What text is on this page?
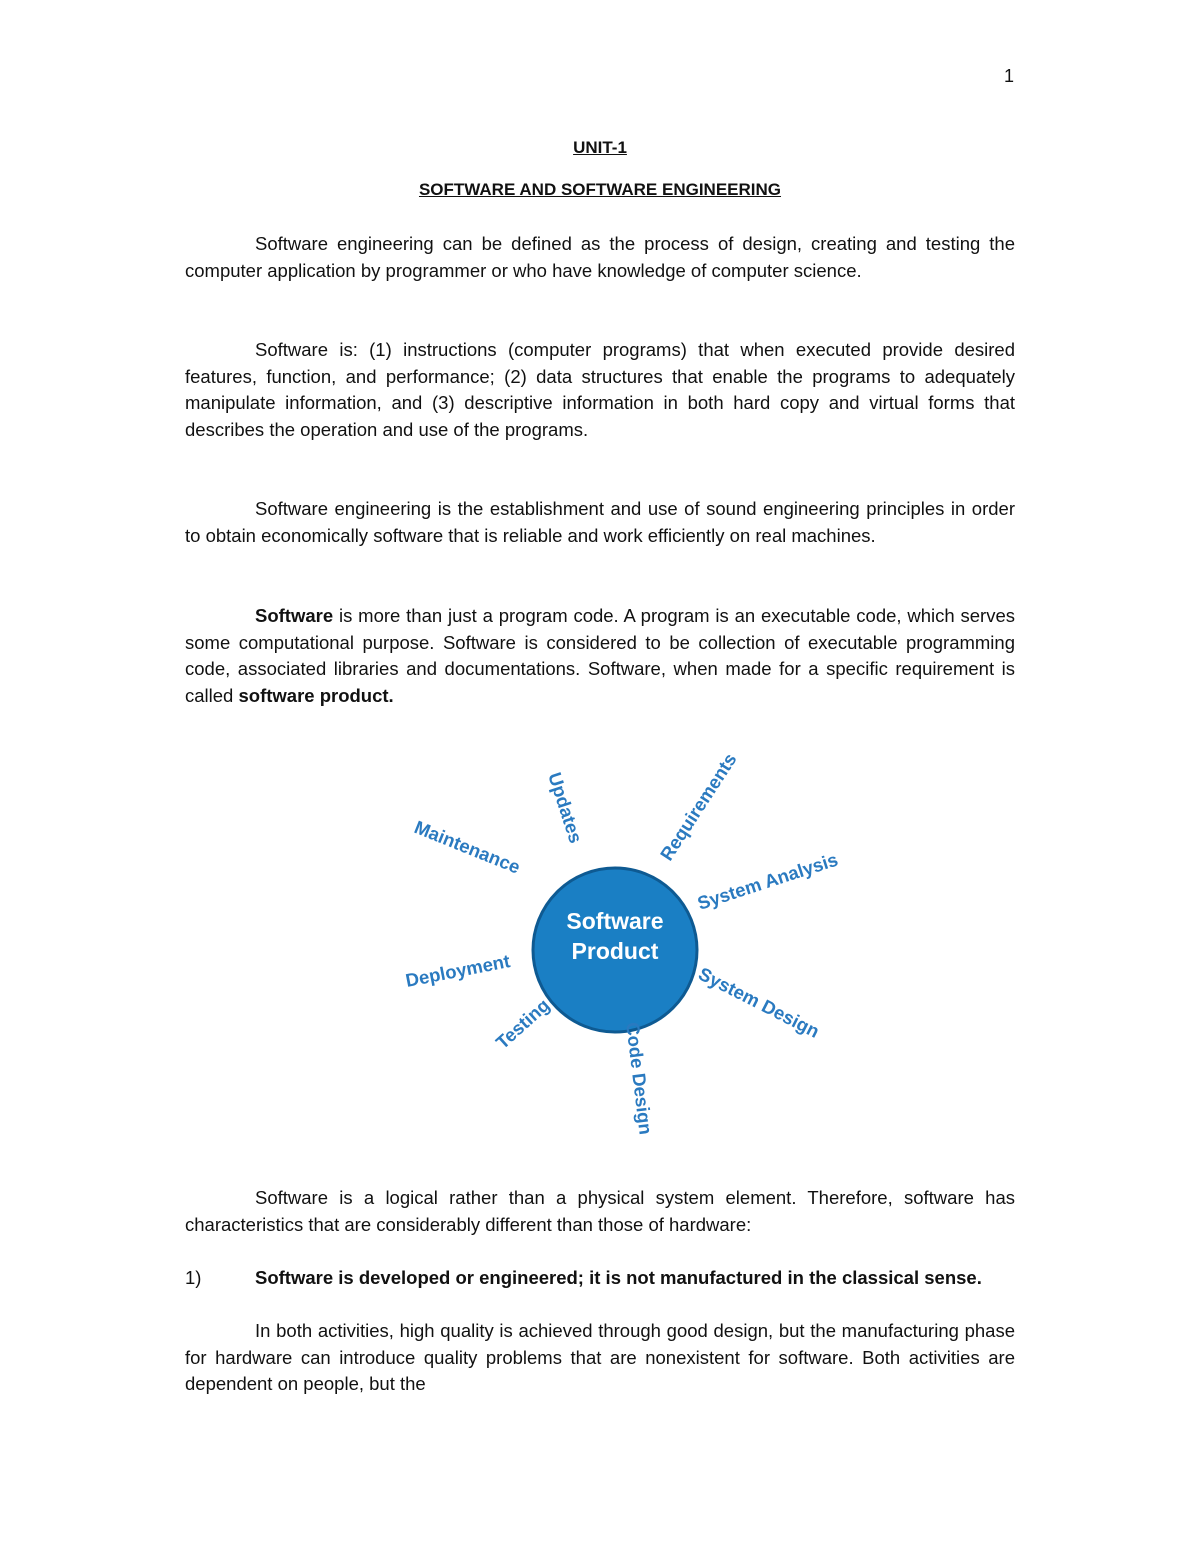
1
UNIT-1
SOFTWARE AND SOFTWARE ENGINEERING

Software engineering can be defined as the process of design, creating and testing the computer application by programmer or who have knowledge of computer science.

Software is: (1) instructions (computer programs) that when executed provide desired features, function, and performance; (2) data structures that enable the programs to adequately manipulate information, and (3) descriptive information in both hard copy and virtual forms that describes the operation and use of the programs.

Software engineering is the establishment and use of sound engineering principles in order to obtain economically software that is reliable and work efficiently on real machines.

Software is more than just a program code. A program is an executable code, which serves some computational purpose. Software is considered to be collection of executable programming code, associated libraries and documentations. Software, when made for a specific requirement is called software product.

Software
Product
Updates	Requirements
System Analysis
System Design
Code Design
Testing
Deployment
Maintenance

Software is a logical rather than a physical system element. Therefore, software has characteristics that are considerably different than those of hardware:

1)	Software is developed or engineered; it is not manufactured in the classical sense.

In both activities, high quality is achieved through good design, but the manufacturing phase for hardware can introduce quality problems that are nonexistent for software. Both activities are dependent on people, but the
